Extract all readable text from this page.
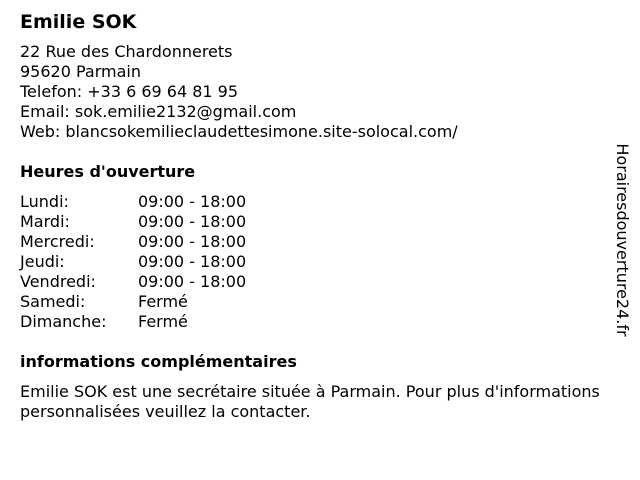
Emilie SOK
22 Rue des Chardonnerets
95620 Parmain
Telefon: +33 6 69 64 81 95
Email: sok.emilie2132@gmail.com
Web: blancsokemilieclaudettesimone.site-solocal.com/
Heures d'ouverture
Lundi:	09:00 - 18:00
Mardi:	09:00 - 18:00
Mercredi:	09:00 - 18:00
Jeudi:	09:00 - 18:00
Vendredi:	09:00 - 18:00
Samedi:	Fermé
Dimanche: Fermé
informations complémentaires
Emilie SOK est une secrétaire située à Parmain. Pour plus d'informations personnalisées veuillez la contacter.
Horairesdouverture24.fr
